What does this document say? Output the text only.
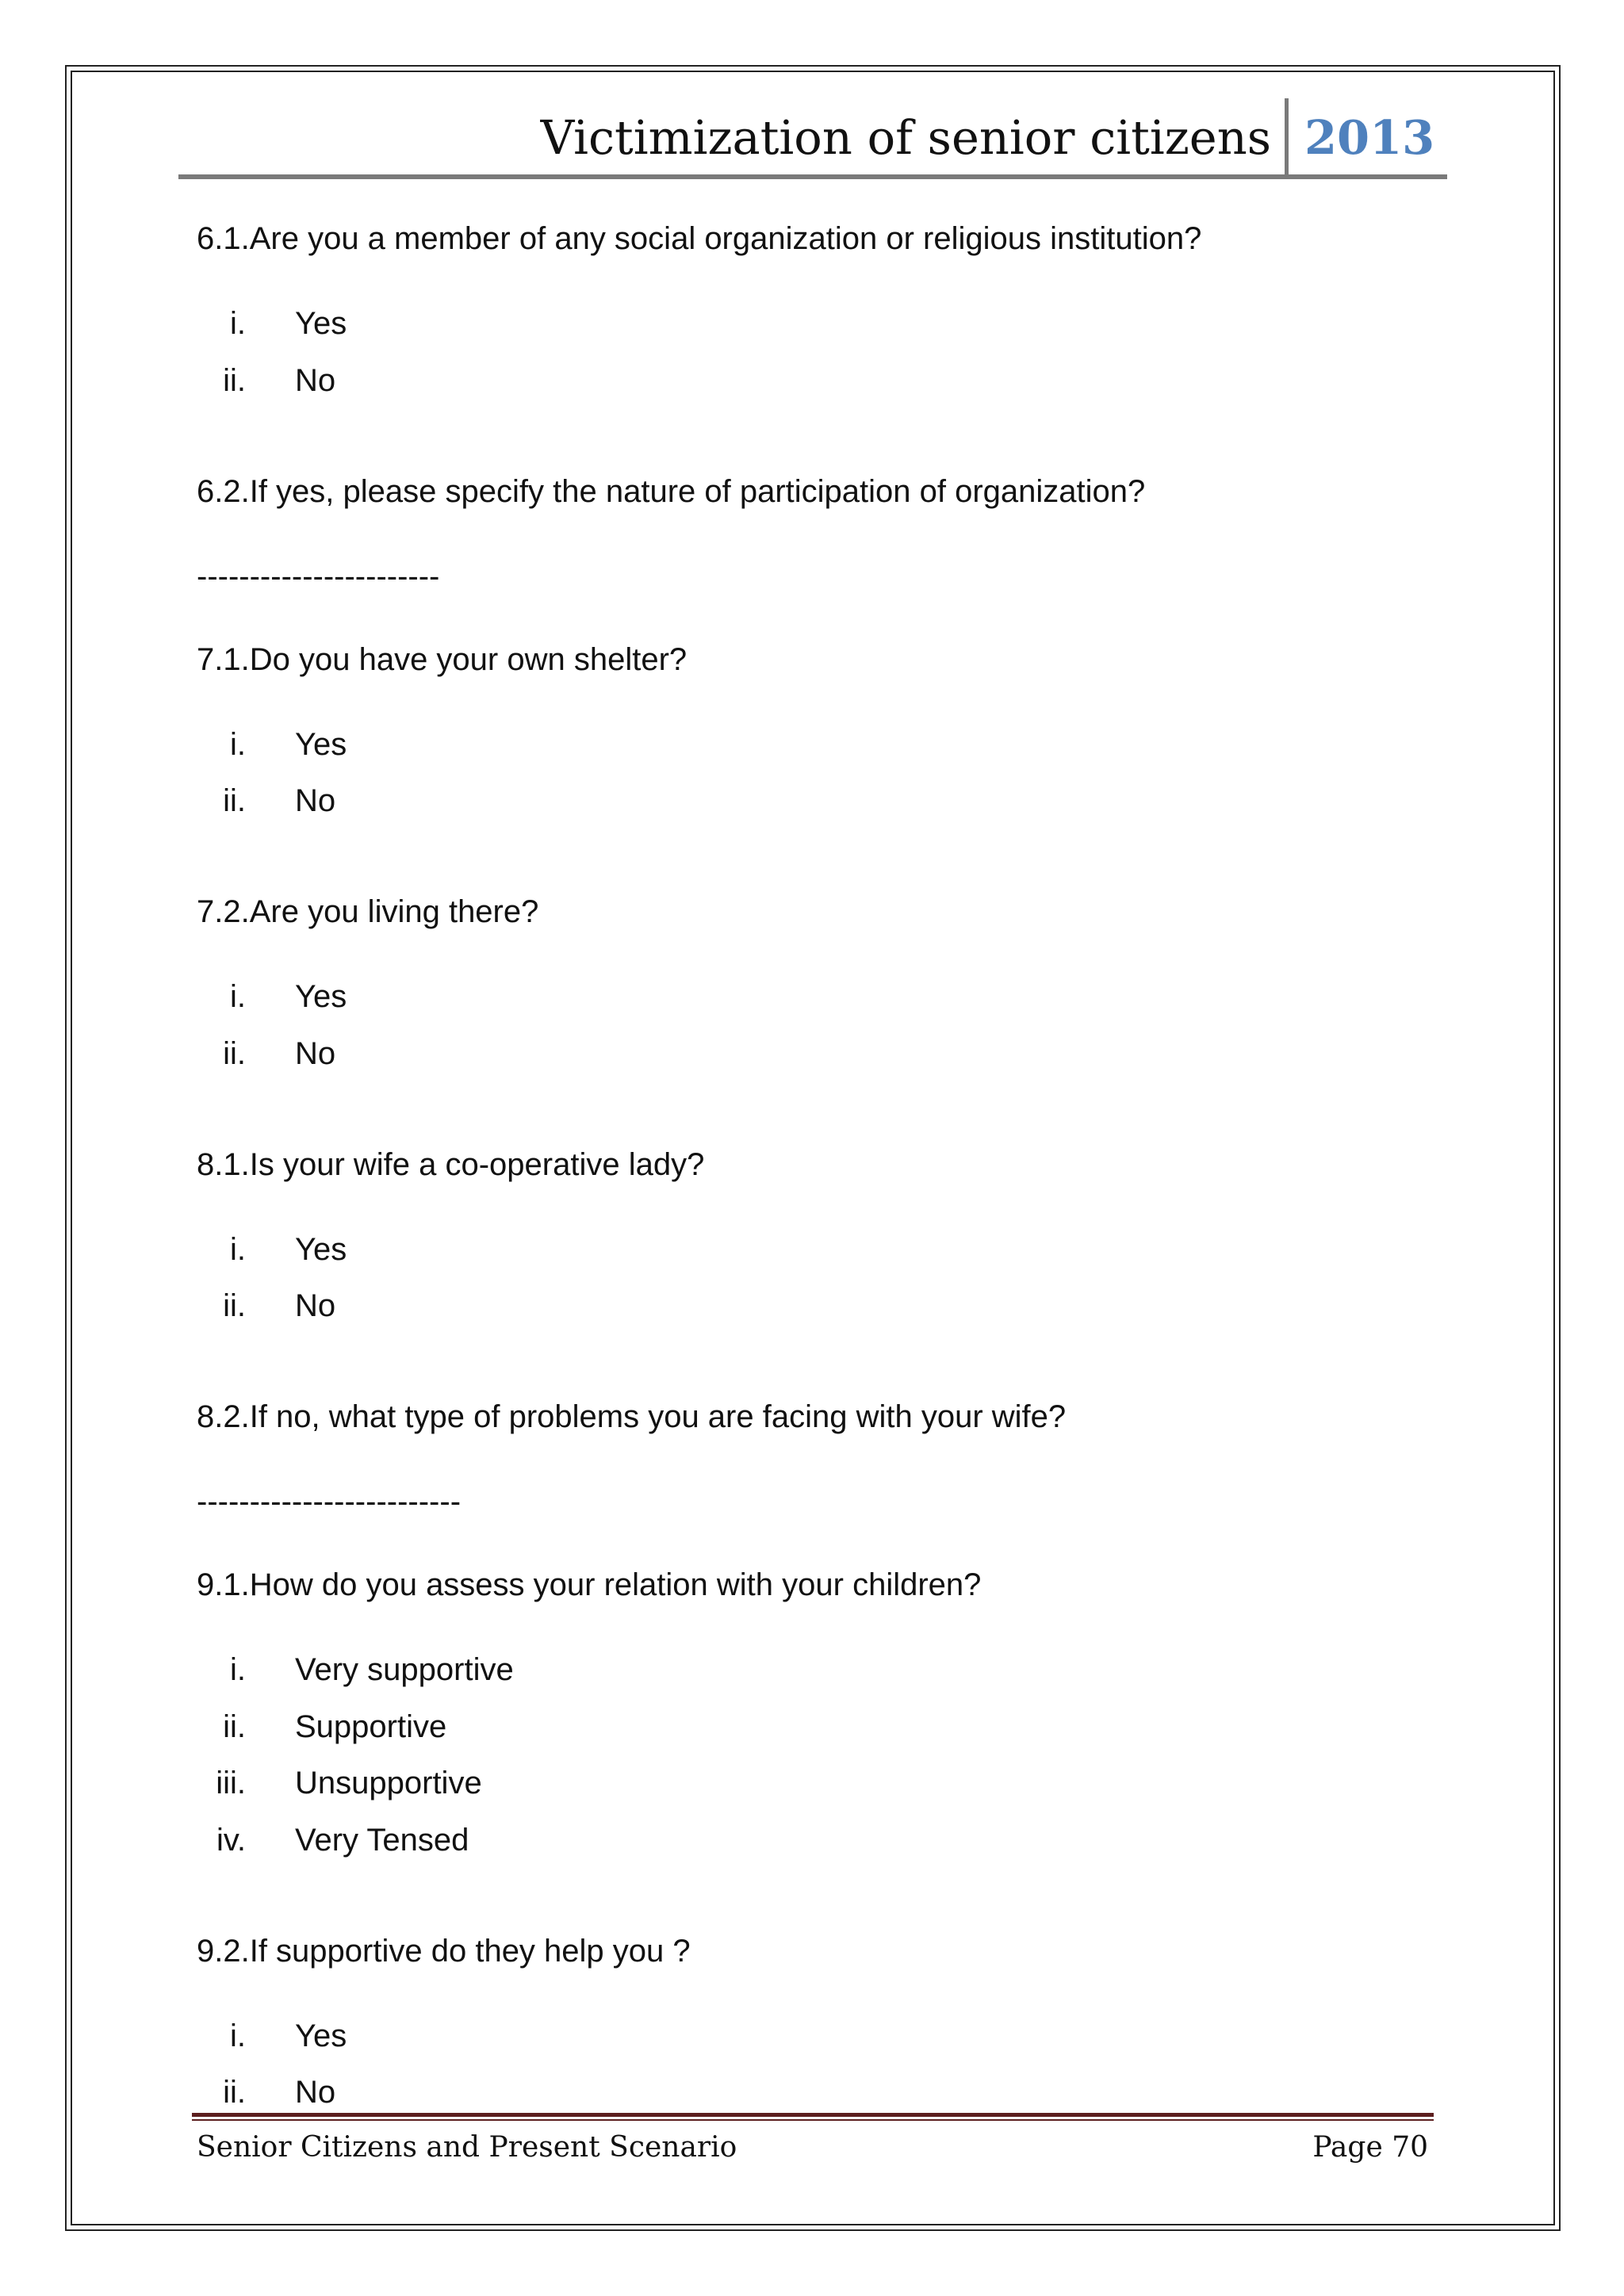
Victimization of senior citizens 2013
6.1.Are you a member of any social organization or religious institution?
i. Yes
ii. No
6.2.If yes, please specify the nature of participation of organization?
-----------------------
7.1.Do you have your own shelter?
i. Yes
ii. No
7.2.Are you living there?
i. Yes
ii. No
8.1.Is your wife a co-operative lady?
i. Yes
ii. No
8.2.If no, what type of problems you are facing with your wife?
-------------------------
9.1.How do you assess your relation with your children?
i. Very supportive
ii. Supportive
iii. Unsupportive
iv. Very Tensed
9.2.If supportive do they help you ?
i. Yes
ii. No
Senior Citizens and Present Scenario	Page 70
